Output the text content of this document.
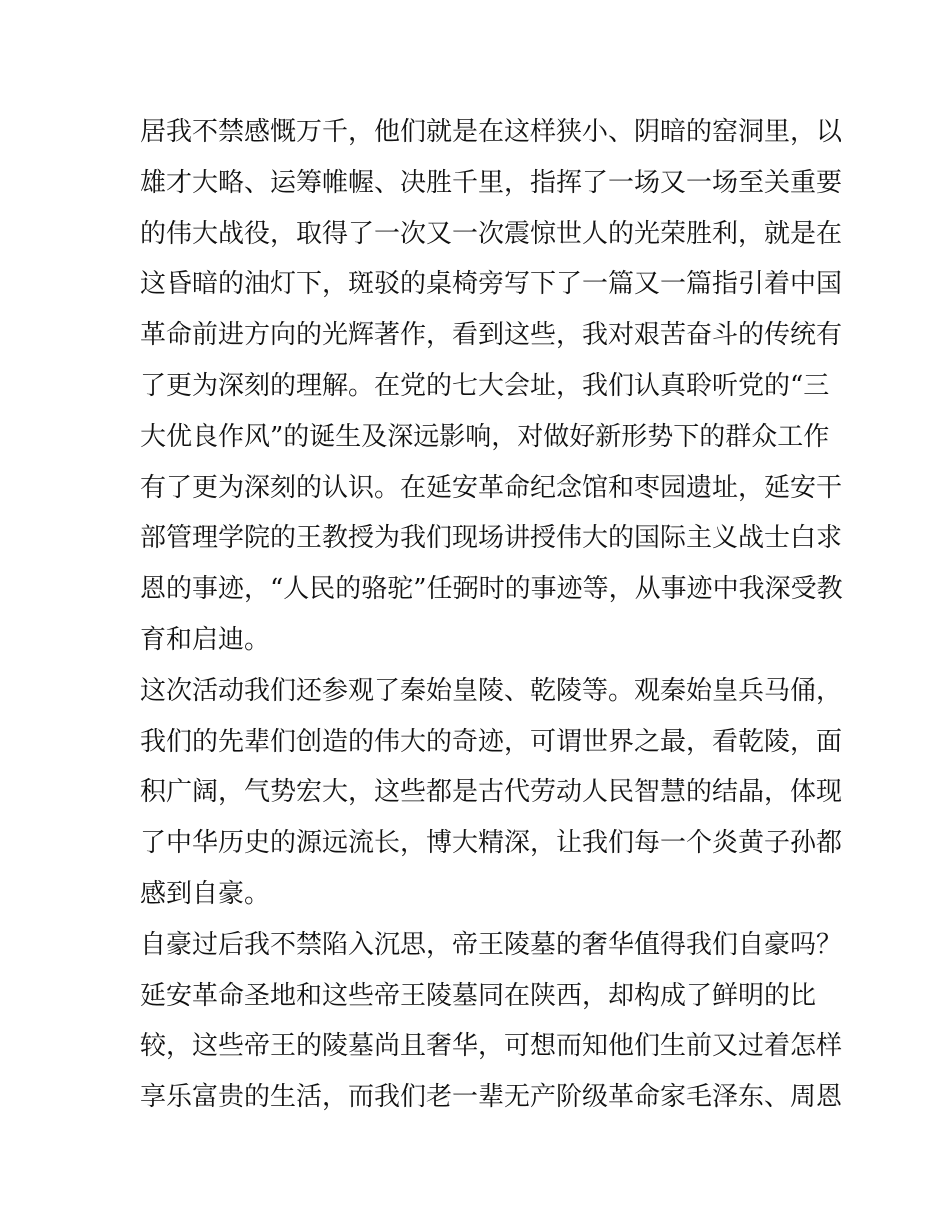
居我不禁感慨万千，他们就是在这样狭小、阴暗的窑洞里，以
雄才大略、运筹帷幄、决胜千里，指挥了一场又一场至关重要
的伟大战役，取得了一次又一次震惊世人的光荣胜利，就是在
这昏暗的油灯下，斑驳的桌椅旁写下了一篇又一篇指引着中国
革命前进方向的光辉著作，看到这些，我对艰苦奋斗的传统有
了更为深刻的理解。在党的七大会址，我们认真聆听党的“三
大优良作风”的诞生及深远影响，对做好新形势下的群众工作
有了更为深刻的认识。在延安革命纪念馆和枣园遗址，延安干
部管理学院的王教授为我们现场讲授伟大的国际主义战士白求
恩的事迹，“人民的骆驼”任弼时的事迹等，从事迹中我深受教
育和启迪。
这次活动我们还参观了秦始皇陵、乾陵等。观秦始皇兵马俑，
我们的先辈们创造的伟大的奇迹，可谓世界之最，看乾陵，面
积广阔，气势宏大，这些都是古代劳动人民智慧的结晶，体现
了中华历史的源远流长，博大精深，让我们每一个炎黄子孙都
感到自豪。
自豪过后我不禁陷入沉思，帝王陵墓的奢华值得我们自豪吗？
延安革命圣地和这些帝王陵墓同在陕西，却构成了鲜明的比
较，这些帝王的陵墓尚且奢华，可想而知他们生前又过着怎样
享乐富贵的生活，而我们老一辈无产阶级革命家毛泽东、周恩
